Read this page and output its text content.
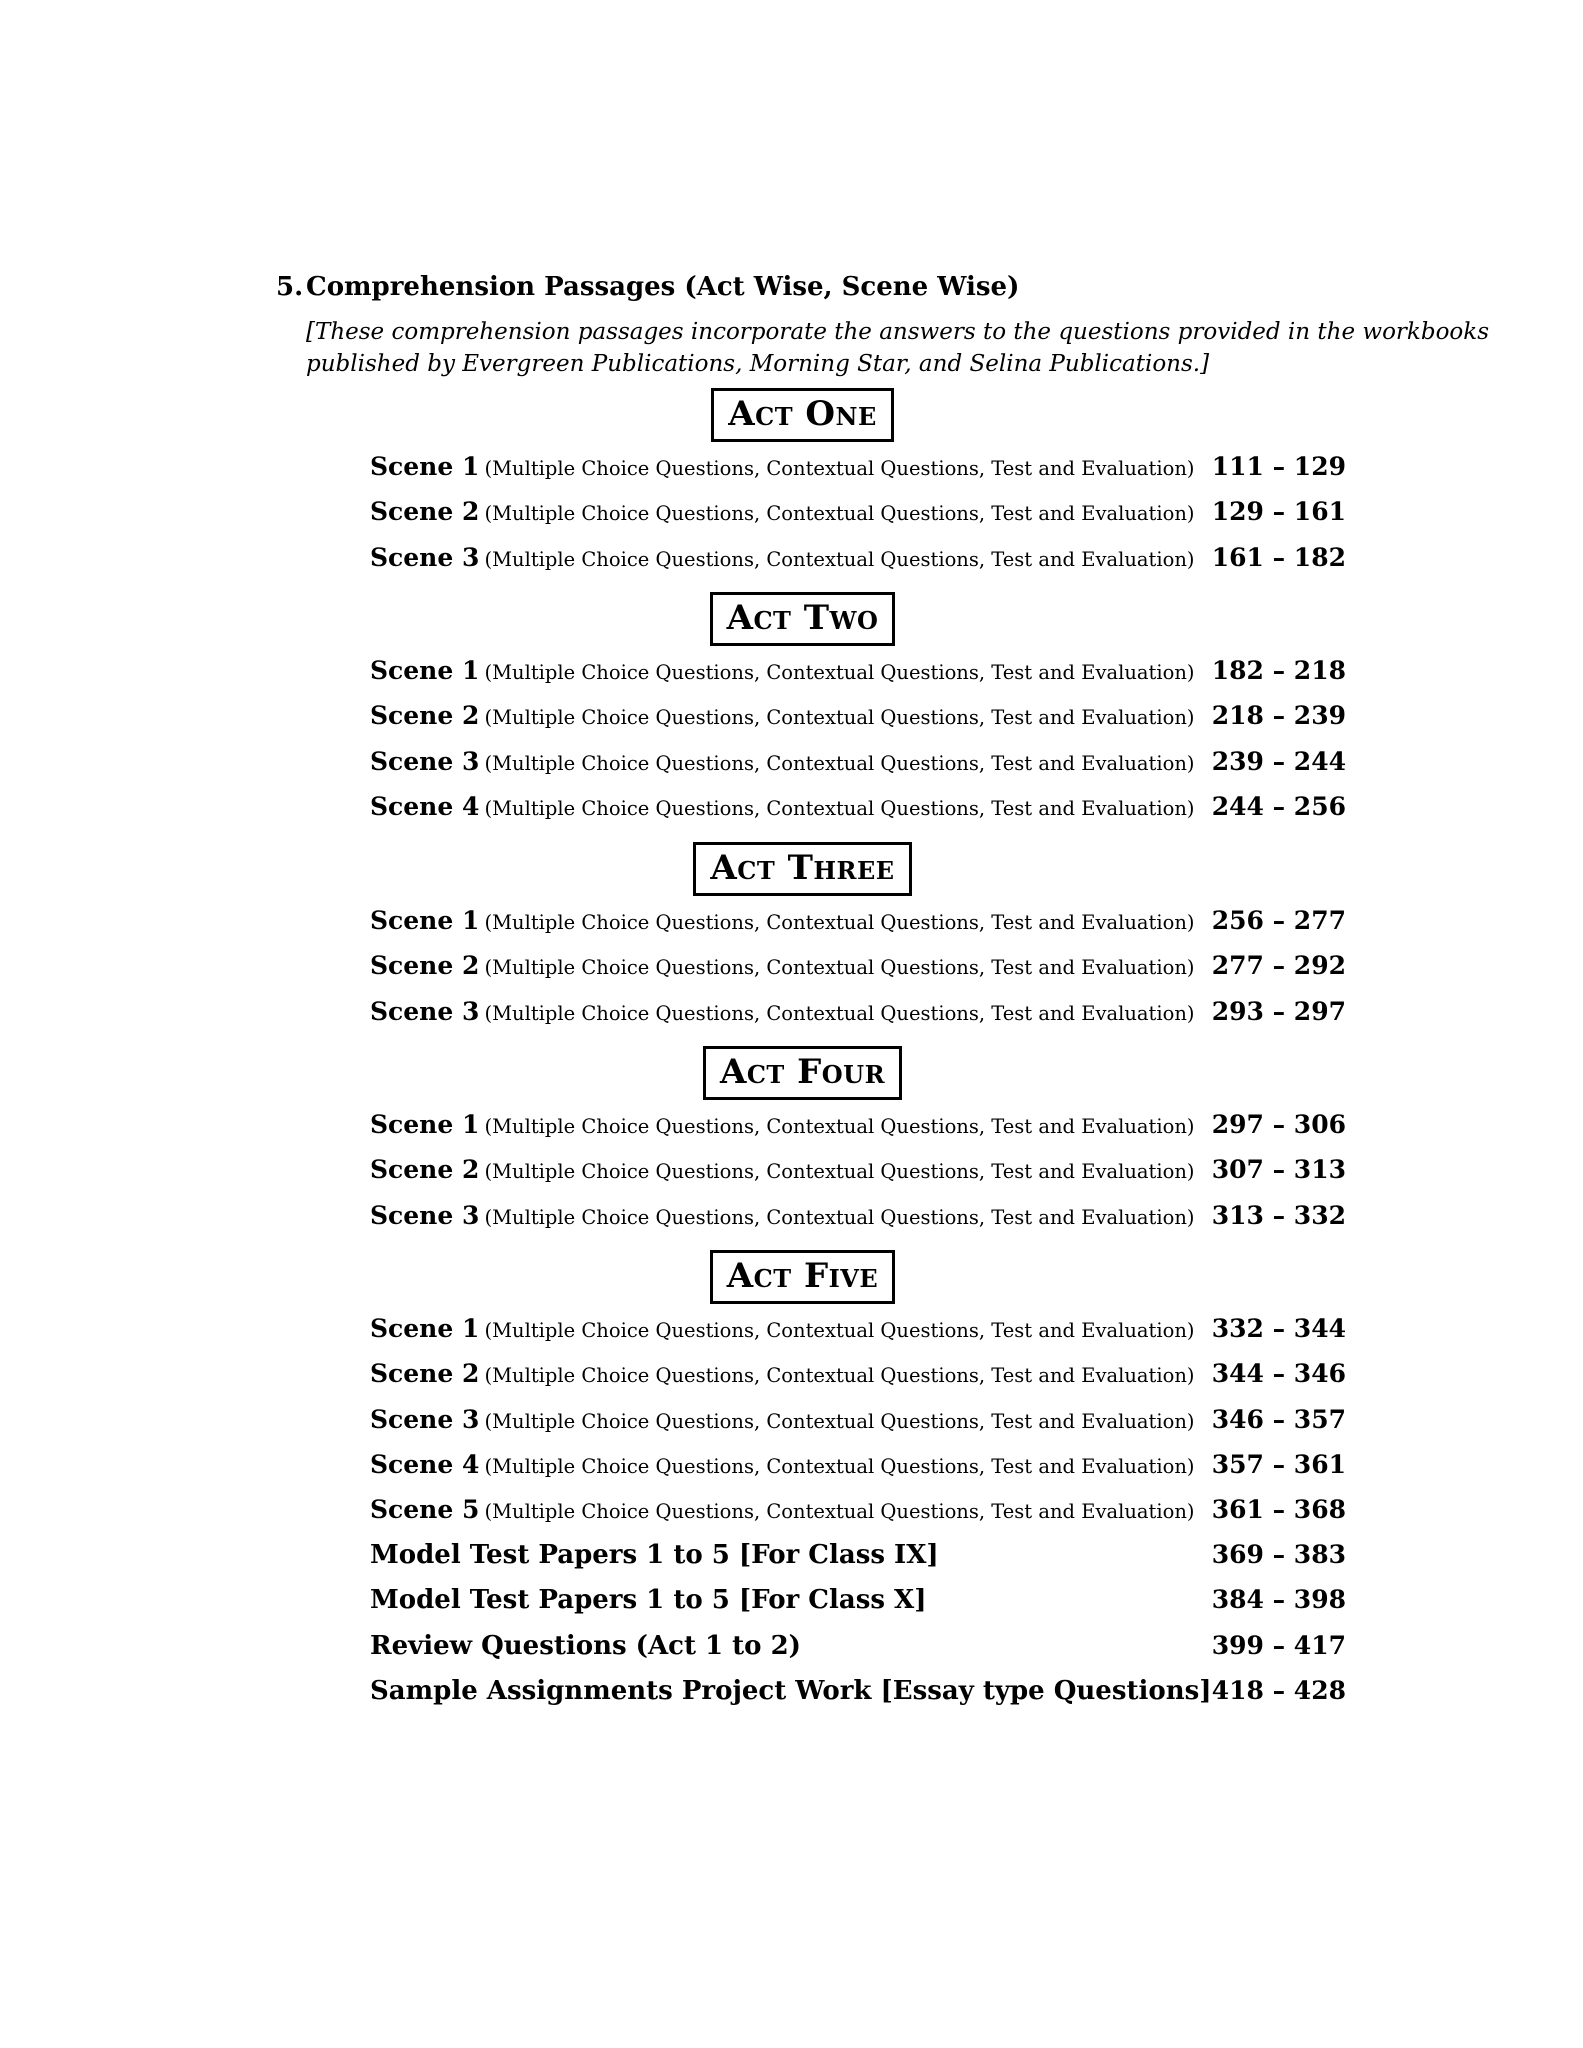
5. Comprehension Passages (Act Wise, Scene Wise)
[These comprehension passages incorporate the answers to the questions provided in the workbooks
published by Evergreen Publications, Morning Star, and Selina Publications.]
Act One
Scene 1 (Multiple Choice Questions, Contextual Questions, Test and Evaluation) 111 – 129
Scene 2 (Multiple Choice Questions, Contextual Questions, Test and Evaluation) 129 – 161
Scene 3 (Multiple Choice Questions, Contextual Questions, Test and Evaluation) 161 – 182
Act Two
Scene 1 (Multiple Choice Questions, Contextual Questions, Test and Evaluation) 182 – 218
Scene 2 (Multiple Choice Questions, Contextual Questions, Test and Evaluation) 218 – 239
Scene 3 (Multiple Choice Questions, Contextual Questions, Test and Evaluation) 239 – 244
Scene 4 (Multiple Choice Questions, Contextual Questions, Test and Evaluation) 244 – 256
Act Three
Scene 1 (Multiple Choice Questions, Contextual Questions, Test and Evaluation) 256 – 277
Scene 2 (Multiple Choice Questions, Contextual Questions, Test and Evaluation) 277 – 292
Scene 3 (Multiple Choice Questions, Contextual Questions, Test and Evaluation) 293 – 297
Act Four
Scene 1 (Multiple Choice Questions, Contextual Questions, Test and Evaluation) 297 – 306
Scene 2 (Multiple Choice Questions, Contextual Questions, Test and Evaluation) 307 – 313
Scene 3 (Multiple Choice Questions, Contextual Questions, Test and Evaluation) 313 – 332
Act Five
Scene 1 (Multiple Choice Questions, Contextual Questions, Test and Evaluation) 332 – 344
Scene 2 (Multiple Choice Questions, Contextual Questions, Test and Evaluation) 344 – 346
Scene 3 (Multiple Choice Questions, Contextual Questions, Test and Evaluation) 346 – 357
Scene 4 (Multiple Choice Questions, Contextual Questions, Test and Evaluation) 357 – 361
Scene 5 (Multiple Choice Questions, Contextual Questions, Test and Evaluation) 361 – 368
Model Test Papers 1 to 5 [For Class IX]	369 – 383
Model Test Papers 1 to 5 [For Class X]	384 – 398
Review Questions (Act 1 to 2)	399 – 417
Sample Assignments Project Work [Essay type Questions] 418 – 428
